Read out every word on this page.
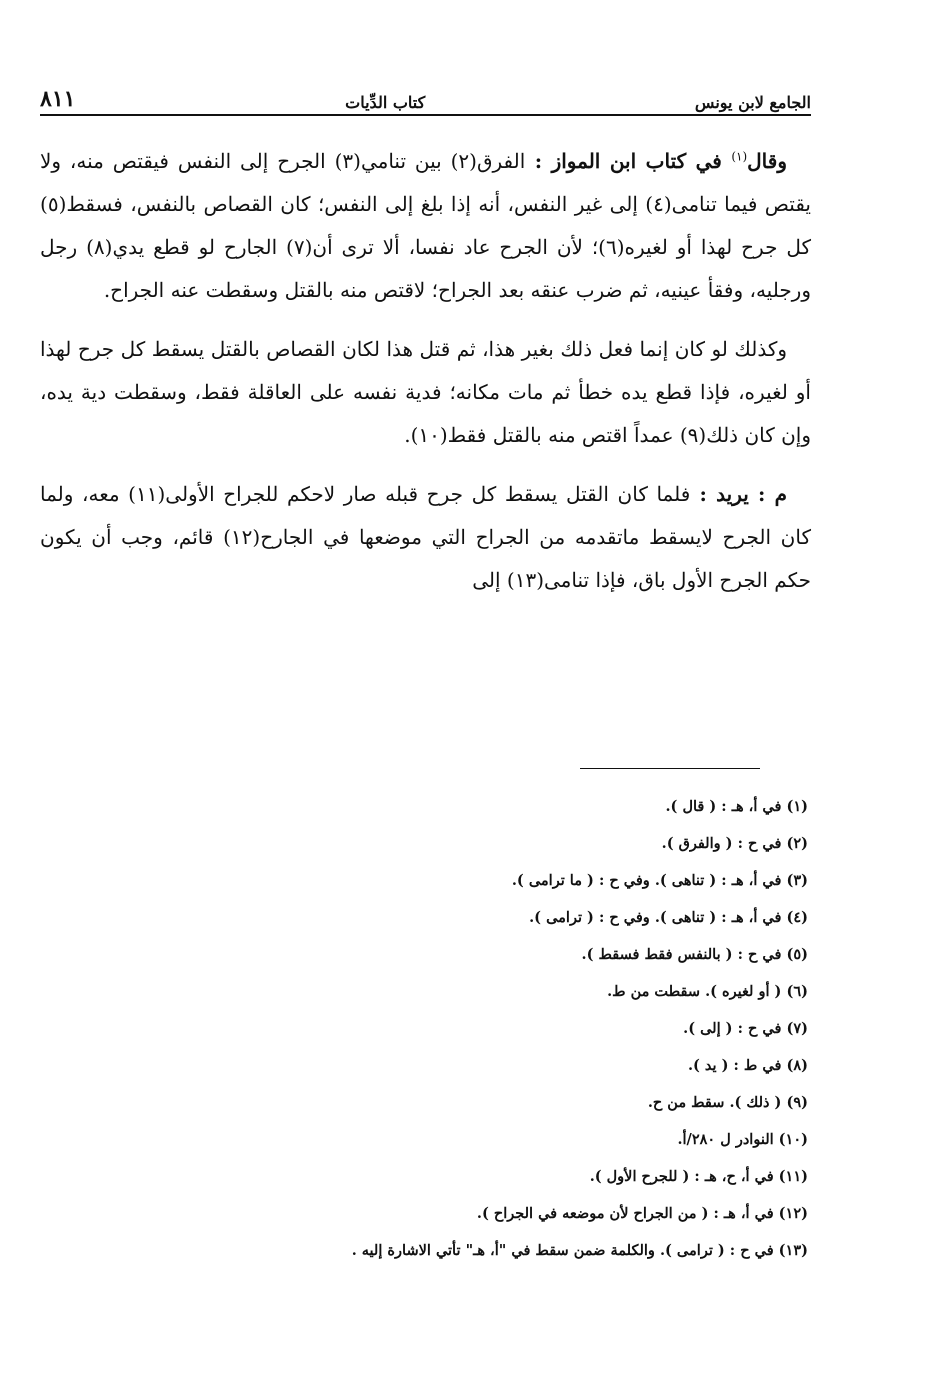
الجامع لابن يونس
كتاب الدِّيات
٨١١

وقال$^{(١)}$ في كتاب ابن المواز : الفرق(٢) بين تنامي(٣) الجرح إلى النفس فيقتص منه، ولا يقتص فيما تنامى(٤) إلى غير النفس، أنه إذا بلغ إلى النفس؛ كان القصاص بالنفس، فسقط(٥) كل جرح لهذا أو لغيره(٦)؛ لأن الجرح عاد نفسا، ألا ترى أن(٧) الجارح لو قطع يدي(٨) رجل ورجليه، وفقأ عينيه، ثم ضرب عنقه بعد الجراح؛ لاقتص منه بالقتل وسقطت عنه الجراح.

وكذلك لو كان إنما فعل ذلك بغير هذا، ثم قتل هذا لكان القصاص بالقتل يسقط كل جرح لهذا أو لغيره، فإذا قطع يده خطأ ثم مات مكانه؛ فدية نفسه على العاقلة فقط، وسقطت دية يده، وإن كان ذلك(٩) عمداً اقتص منه بالقتل فقط(١٠).

م : يريد : فلما كان القتل يسقط كل جرح قبله صار لاحكم للجراح الأولى(١١) معه، ولما كان الجرح لايسقط ماتقدمه من الجراح التي موضعها في الجارح(١٢) قائم، وجب أن يكون حكم الجرح الأول باق، فإذا تنامى(١٣) إلى

(١) في أ، هـ : ( قال ).
(٢) في ح : ( والفرق ).
(٣) في أ، هـ : ( تناهى ). وفي ح : ( ما ترامى ).
(٤) في أ، هـ : ( تناهى ). وفي ح : ( ترامى ).
(٥) في ح : ( بالنفس فقط فسقط ).
(٦) ( أو لغيره ). سقطت من ط.
(٧) في ح : ( إلى ).
(٨) في ط : ( يد ).
(٩) ( ذلك ). سقط من ح.
(١٠) النوادر ل ٢٨٠/أ.
(١١) في أ، ح، هـ : ( للجرح الأول ).
(١٢) في أ، هـ : ( من الجراح لأن موضعه في الجراح ).
(١٣) في ح : ( ترامى ). والكلمة ضمن سقط في "أ، هـ" تأتي الاشارة إليه .
